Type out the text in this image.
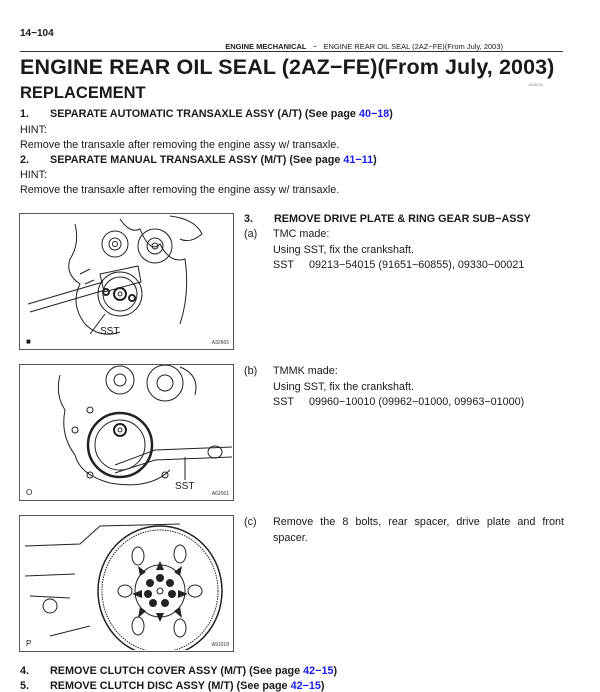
14−104
ENGINE MECHANICAL − ENGINE REAR OIL SEAL (2AZ−FE)(From July, 2003)
ENGINE REAR OIL SEAL (2AZ−FE)(From July, 2003)
14160-02
REPLACEMENT
1. SEPARATE AUTOMATIC TRANSAXLE ASSY (A/T) (See page 40−18)
HINT:
Remove the transaxle after removing the engine assy w/ transaxle.
2. SEPARATE MANUAL TRANSAXLE ASSY (M/T) (See page 41−11)
HINT:
Remove the transaxle after removing the engine assy w/ transaxle.
SST
■	A32665
3. REMOVE DRIVE PLATE & RING GEAR SUB−ASSY
(a) TMC made:
Using SST, fix the crankshaft.
SST 09213−54015 (91651−60855), 09330−00021
SST
O	A62061
(b) TMMK made:
Using SST, fix the crankshaft.
SST 09960−10010 (09962−01000, 09963−01000)
P	A91018
(c) Remove the 8 bolts, rear spacer, drive plate and front spacer.
4. REMOVE CLUTCH COVER ASSY (M/T) (See page 42−15)
5. REMOVE CLUTCH DISC ASSY (M/T) (See page 42−15)
